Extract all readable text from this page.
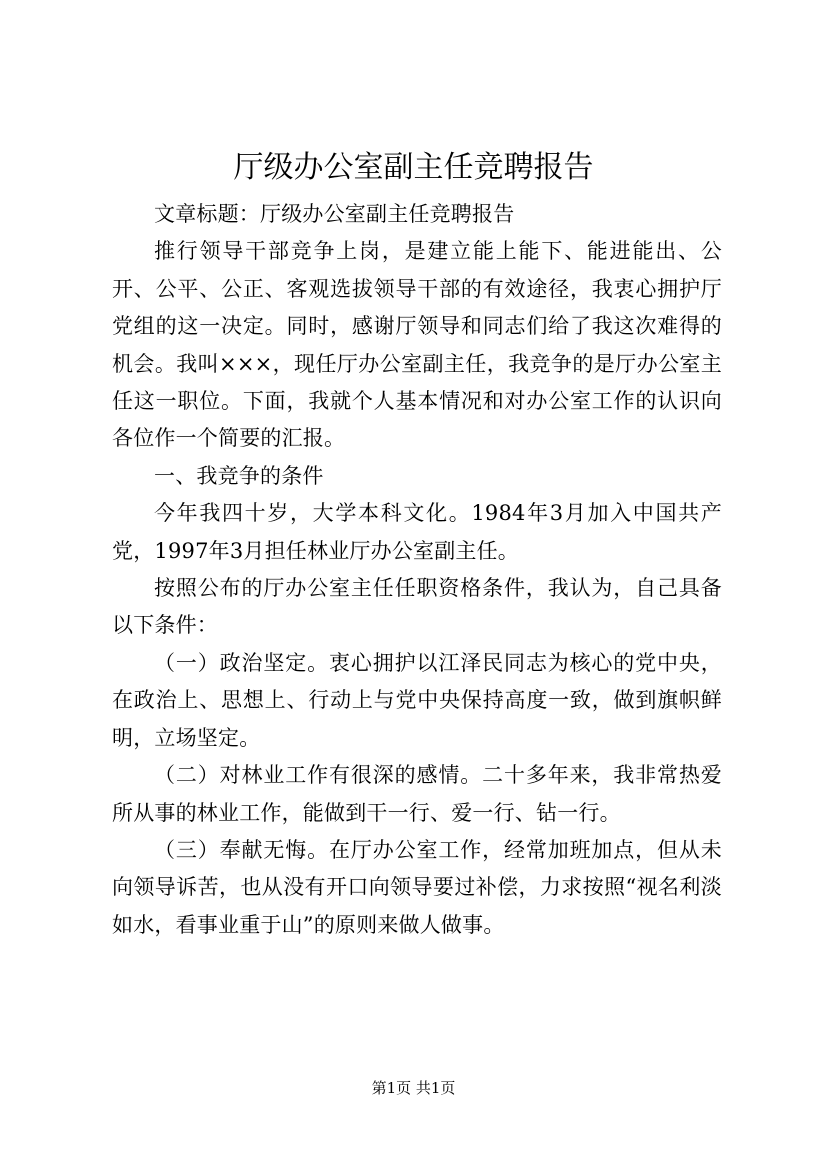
厅级办公室副主任竞聘报告

文章标题：厅级办公室副主任竞聘报告

推行领导干部竞争上岗，是建立能上能下、能进能出、公开、公平、公正、客观选拔领导干部的有效途径，我衷心拥护厅党组的这一决定。同时，感谢厅领导和同志们给了我这次难得的机会。我叫×××，现任厅办公室副主任，我竞争的是厅办公室主任这一职位。下面，我就个人基本情况和对办公室工作的认识向各位作一个简要的汇报。

一、我竞争的条件

今年我四十岁，大学本科文化。1984年3月加入中国共产党，1997年3月担任林业厅办公室副主任。

按照公布的厅办公室主任任职资格条件，我认为，自己具备以下条件：

（一）政治坚定。衷心拥护以江泽民同志为核心的党中央，在政治上、思想上、行动上与党中央保持高度一致，做到旗帜鲜明，立场坚定。

（二）对林业工作有很深的感情。二十多年来，我非常热爱所从事的林业工作，能做到干一行、爱一行、钻一行。

（三）奉献无悔。在厅办公室工作，经常加班加点，但从未向领导诉苦，也从没有开口向领导要过补偿，力求按照“视名利淡如水，看事业重于山”的原则来做人做事。

第1页 共1页
